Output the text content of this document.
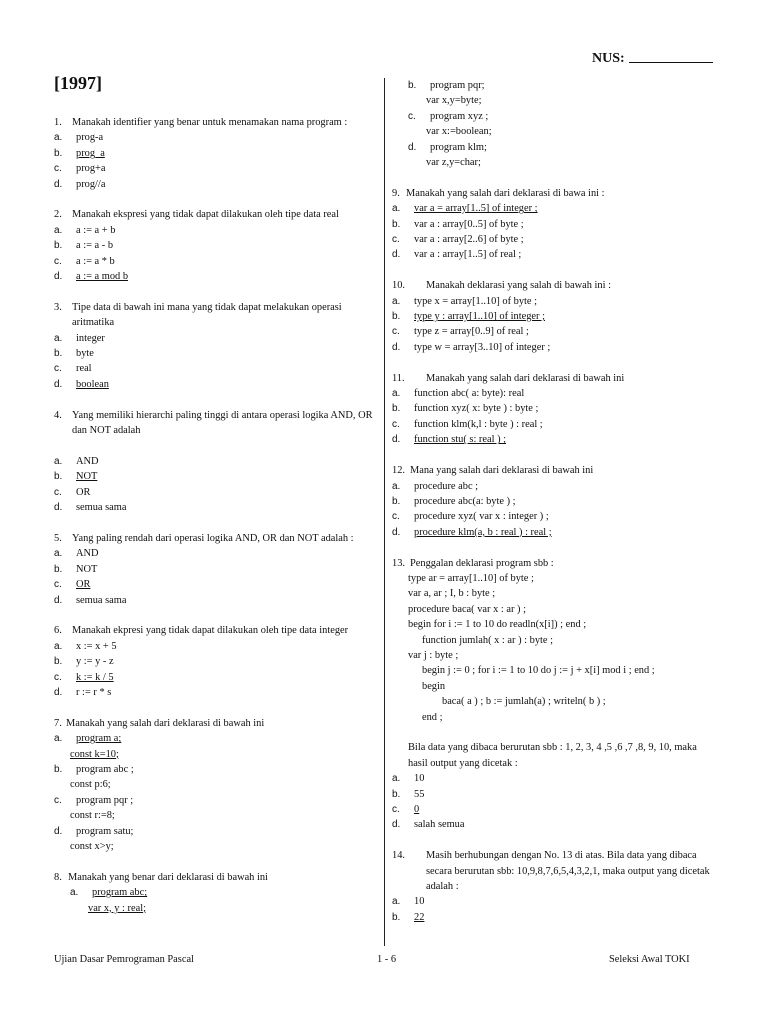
NUS:
[1997]
1. Manakah identifier yang benar untuk menamakan nama program :
a.	prog-a
b.	prog_a
c.	prog+a
d.	prog//a
2. Manakah ekspresi yang tidak dapat dilakukan oleh tipe data real
a.	a := a + b
b.	a := a - b
c.	a := a * b
d.	a := a mod b
3. Tipe data di bawah ini mana yang tidak dapat melakukan operasi aritmatika
a.	integer
b.	byte
c.	real
d.	boolean
4. Yang memiliki hierarchi paling tinggi di antara operasi logika AND, OR dan NOT adalah
a.	AND
b.	NOT
c.	OR
d.	semua sama
5. Yang paling rendah dari operasi logika AND, OR dan NOT adalah :
a.	AND
b.	NOT
c.	OR
d.	semua sama
6. Manakah ekpresi yang tidak dapat dilakukan oleh tipe data integer
a.	x := x + 5
b.	y := y - z
c.	k := k / 5
d.	r := r * s
7. Manakah yang salah dari deklarasi di bawah ini
a.	program a;
const k=10;
b.	program abc ;
const p:6;
c.	program pqr ;
const r:=8;
d.	program satu;
const x>y;
8. Manakah yang benar dari deklarasi di bawah ini
a.	program abc;
var x, y : real;
b.	program pqr;
var x,y=byte;
c.	program xyz ;
var x:=boolean;
d.	program klm;
var z,y=char;
9. Manakah yang salah dari deklarasi di bawa ini :
a.	var a = array[1..5] of integer ;
b.	var a : array[0..5] of byte ;
c.	var a : array[2..6] of byte ;
d.	var a : array[1..5] of real ;
10.	Manakah deklarasi yang salah di bawah ini :
a.	type x = array[1..10] of byte ;
b.	type y : array[1..10] of integer ;
c.	type z = array[0..9] of real ;
d.	type w = array[3..10] of integer ;
11.	Manakah yang salah dari deklarasi di bawah ini
a.	function abc( a: byte): real
b.	function xyz( x: byte ) : byte ;
c.	function klm(k,l : byte ) : real ;
d.	function stu( s: real ) ;
12. Mana yang salah dari deklarasi di bawah ini
a.	procedure abc ;
b.	procedure abc(a: byte ) ;
c.	procedure xyz( var x : integer ) ;
d.	procedure klm(a, b : real ) : real ;
13. Penggalan deklarasi program sbb :
type ar = array[1..10] of byte ;
var a, ar ; I, b : byte ;
procedure baca( var x : ar ) ;
begin for i := 1 to 10 do readln(x[i]) ; end ;
function jumlah( x : ar ) : byte ;
var j : byte ;
begin j := 0 ; for i := 1 to 10 do j := j + x[i] mod i ; end ;
begin
baca( a ) ; b := jumlah(a) ; writeln( b ) ;
end ;
Bila data yang dibaca berurutan sbb : 1, 2, 3, 4 ,5 ,6 ,7 ,8, 9, 10, maka hasil output yang dicetak :
a.	10
b.	55
c.	0
d.	salah semua
14.	Masih berhubungan dengan No. 13 di atas. Bila data yang dibaca secara berurutan sbb: 10,9,8,7,6,5,4,3,2,1, maka output yang dicetak adalah :
a.	10
b.	22
Ujian Dasar Pemrograman Pascal	1 - 6	Seleksi Awal TOKI
